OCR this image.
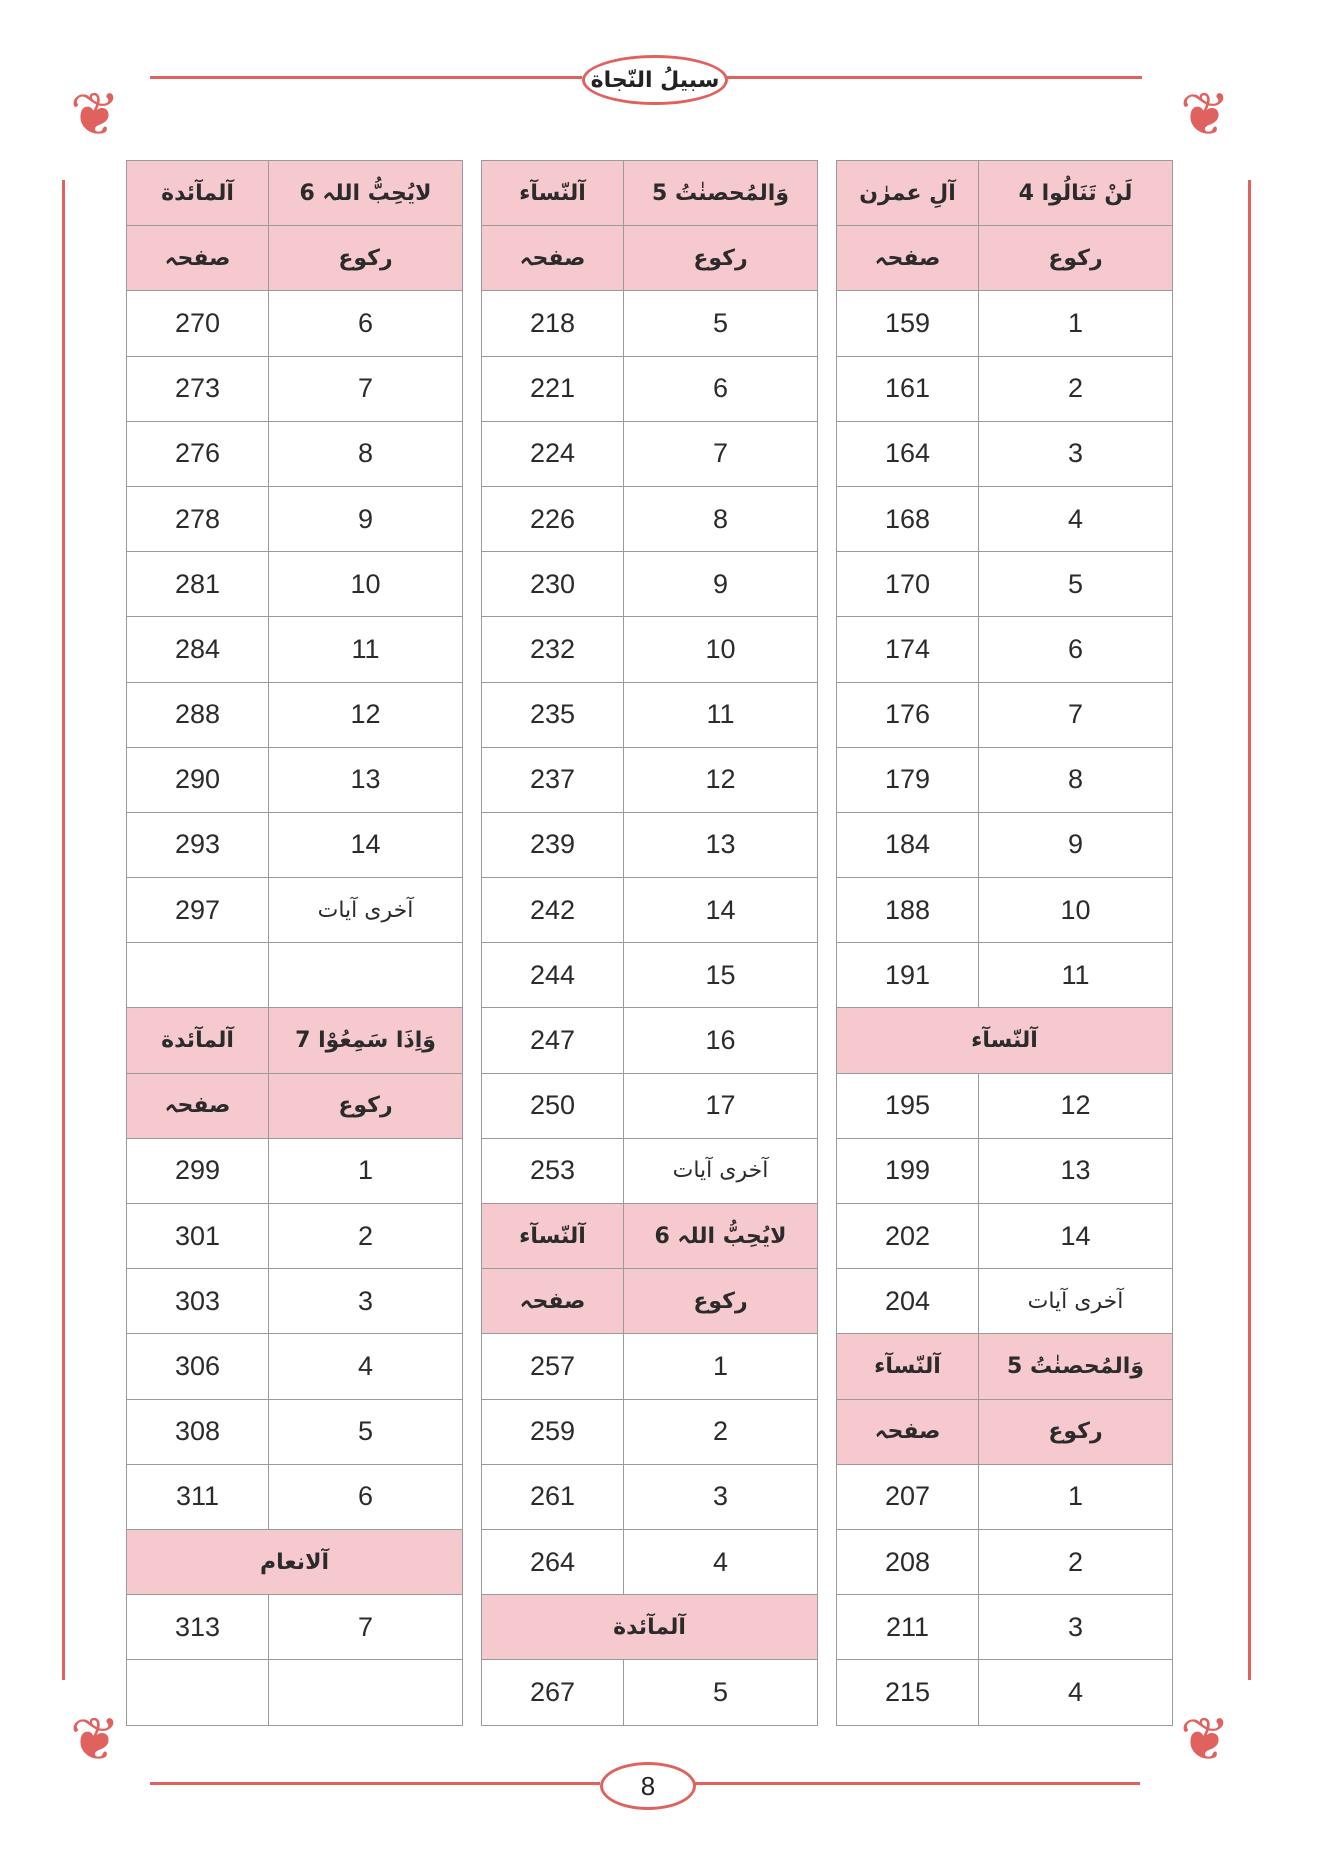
❦	❦
❦	❦
سبیلُ النّجاة
آلمآئدة	لایُحِبُّ اللہ 6
صفحہ	رکوع
270	6
273	7
276	8
278	9
281	10
284	11
288	12
290	13
293	14
297	آخری آیات
آلمآئدة	وَاِذَا سَمِعُوْا 7
صفحہ	رکوع
299	1
301	2
303	3
306	4
308	5
311	6
آلانعام
313	7
آلنّسآء	وَالمُحصنٰتُ 5
صفحہ	رکوع
218	5
221	6
224	7
226	8
230	9
232	10
235	11
237	12
239	13
242	14
244	15
247	16
250	17
253	آخری آیات
آلنّسآء	لایُحِبُّ اللہ 6
صفحہ	رکوع
257	1
259	2
261	3
264	4
آلمآئدة
267	5
آلِ عمرٰن	لَنْ تَنَالُوا 4
صفحہ	رکوع
159	1
161	2
164	3
168	4
170	5
174	6
176	7
179	8
184	9
188	10
191	11
آلنّسآء
195	12
199	13
202	14
204	آخری آیات
آلنّسآء	وَالمُحصنٰتُ 5
صفحہ	رکوع
207	1
208	2
211	3
215	4
8
